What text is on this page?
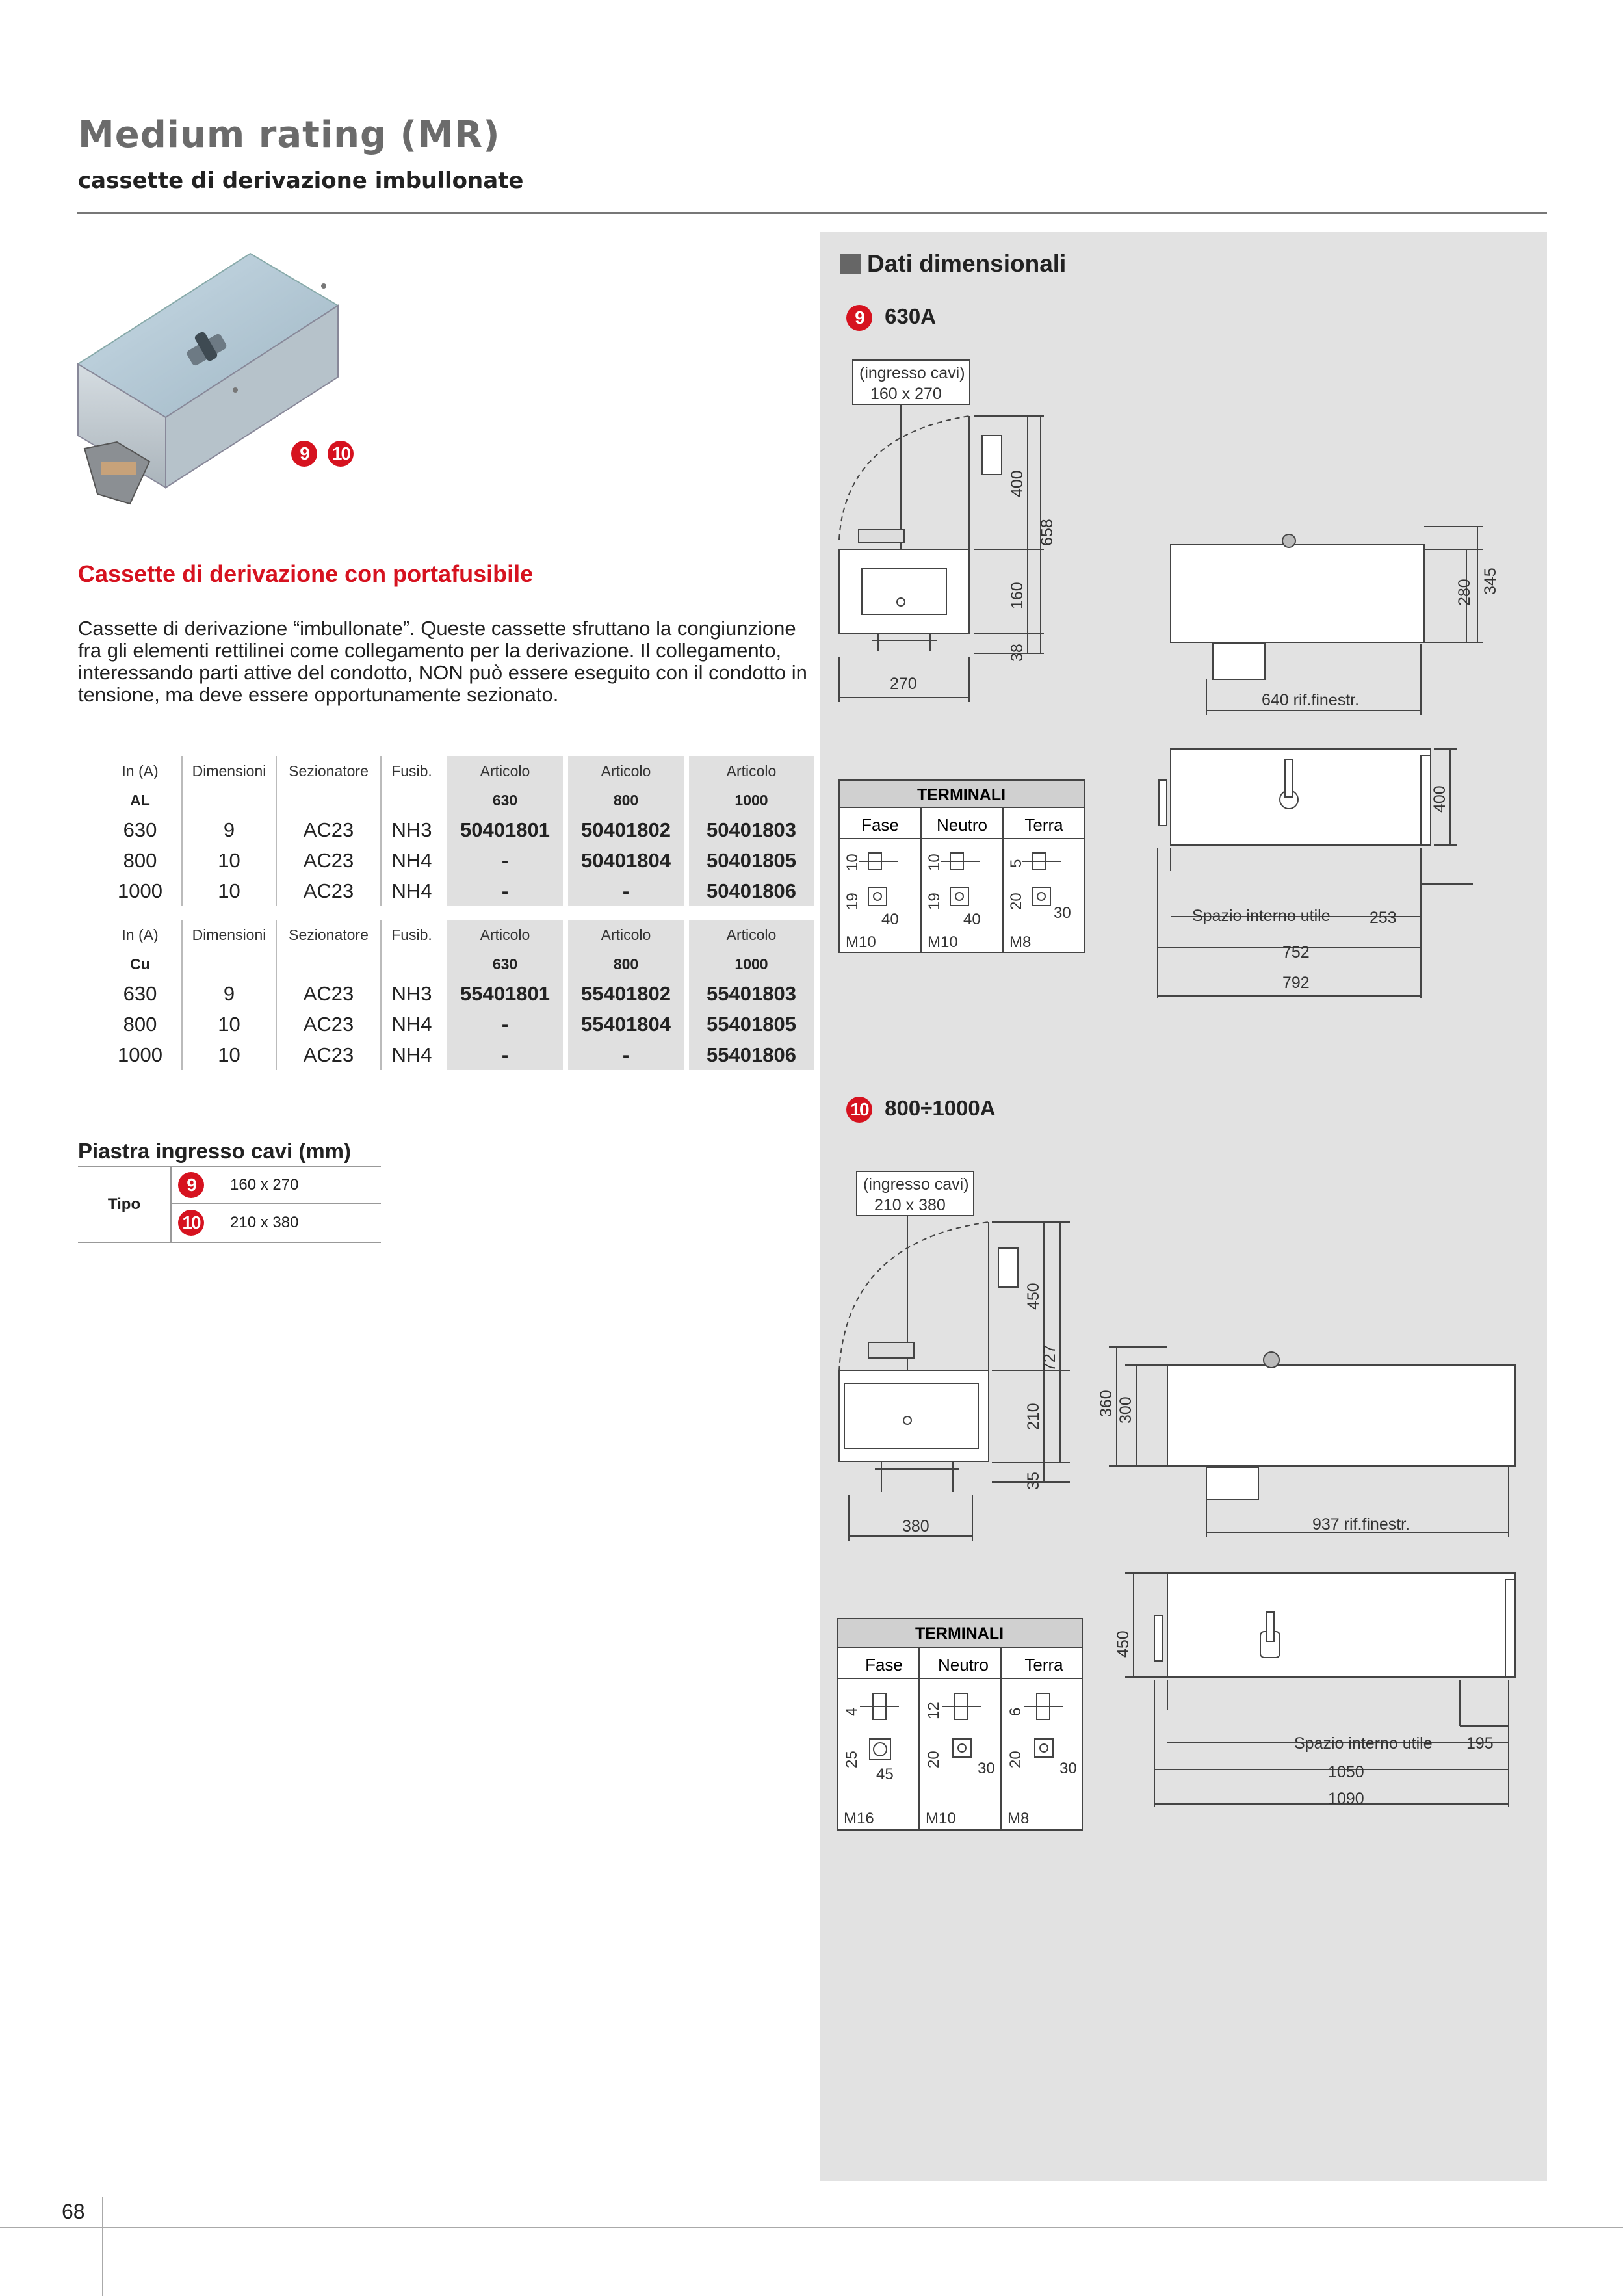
Medium rating (MR)
cassette di derivazione imbullonate
9 10
Cassette di derivazione con portafusibile
Cassette di derivazione “imbullonate”. Queste cassette sfruttano la congiunzione fra gli elementi rettilinei come collegamento per la derivazione. Il collegamento, interessando parti attive del condotto, NON può essere eseguito con il condotto in tensione, ma deve essere opportunamente sezionato.
In (A)	Dimensioni	Sezionatore	Fusib.	Articolo	Articolo	Articolo
AL				630	800	1000
630	9	AC23	NH3	50401801	50401802	50401803
800	10	AC23	NH4	-	50401804	50401805
1000	10	AC23	NH4	-	-	50401806
In (A)	Dimensioni	Sezionatore	Fusib.	Articolo	Articolo	Articolo
Cu				630	800	1000
630	9	AC23	NH3	55401801	55401802	55401803
800	10	AC23	NH4	-	55401804	55401805
1000	10	AC23	NH4	-	-	55401806
Piastra ingresso cavi (mm)
Tipo	9	160 x 270
	10	210 x 380
Dati dimensionali
9 630A
(ingresso cavi)
160 x 270
270
400
658
160
38
280 345
640 rif.finestr.
400
Spazio interno utile 253
752
792
TERMINALI
Fase Neutro Terra
10	10	5
19	19	20
40	40	30
M10	M10	M8
10 800÷1000A
(ingresso cavi)
210 x 380
380
450
727
210
35
360 300
937 rif.finestr.
450
Spazio interno utile 195
1050
1090
TERMINALI
Fase Neutro Terra
4	12	6
25	20	20
45	30	30
M16	M10	M8
68
